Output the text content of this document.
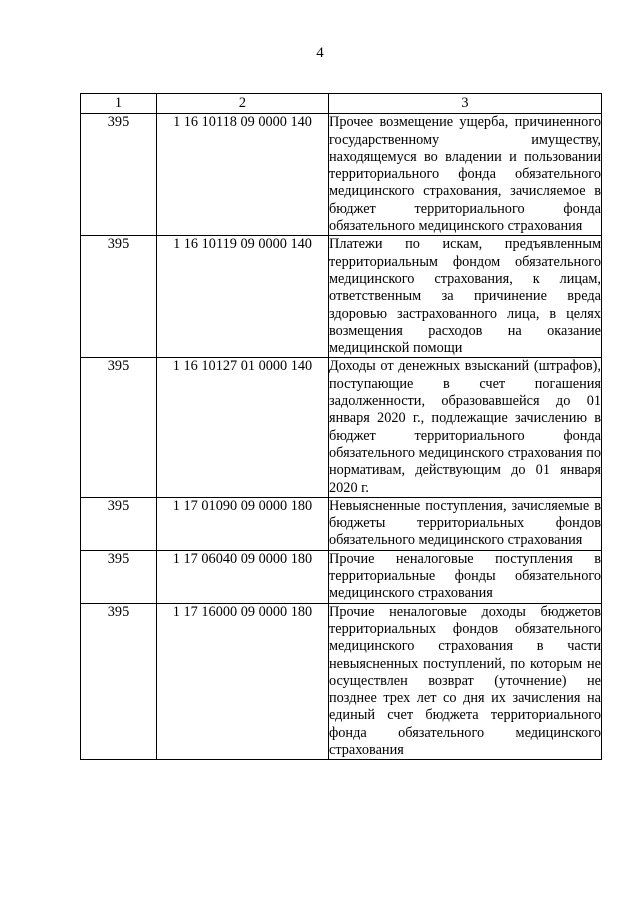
4
1	2	3
395	1 16 10118 09 0000 140	Прочее возмещение ущерба, причиненного государственному имуществу, находящемуся во владении и пользовании территориального фонда обязательного медицинского страхования, зачисляемое в бюджет территориального фонда обязательного медицинского страхования
395	1 16 10119 09 0000 140	Платежи по искам, предъявленным территориальным фондом обязательного медицинского страхования, к лицам, ответственным за причинение вреда здоровью застрахованного лица, в целях возмещения расходов на оказание медицинской помощи
395	1 16 10127 01 0000 140	Доходы от денежных взысканий (штрафов), поступающие в счет погашения задолженности, образовавшейся до 01 января 2020 г., подлежащие зачислению в бюджет территориального фонда обязательного медицинского страхования по нормативам, действующим до 01 января 2020 г.
395	1 17 01090 09 0000 180	Невыясненные поступления, зачисляемые в бюджеты территориальных фондов обязательного медицинского страхования
395	1 17 06040 09 0000 180	Прочие неналоговые поступления в территориальные фонды обязательного медицинского страхования
395	1 17 16000 09 0000 180	Прочие неналоговые доходы бюджетов территориальных фондов обязательного медицинского страхования в части невыясненных поступлений, по которым не осуществлен возврат (уточнение) не позднее трех лет со дня их зачисления на единый счет бюджета территориального фонда обязательного медицинского страхования
